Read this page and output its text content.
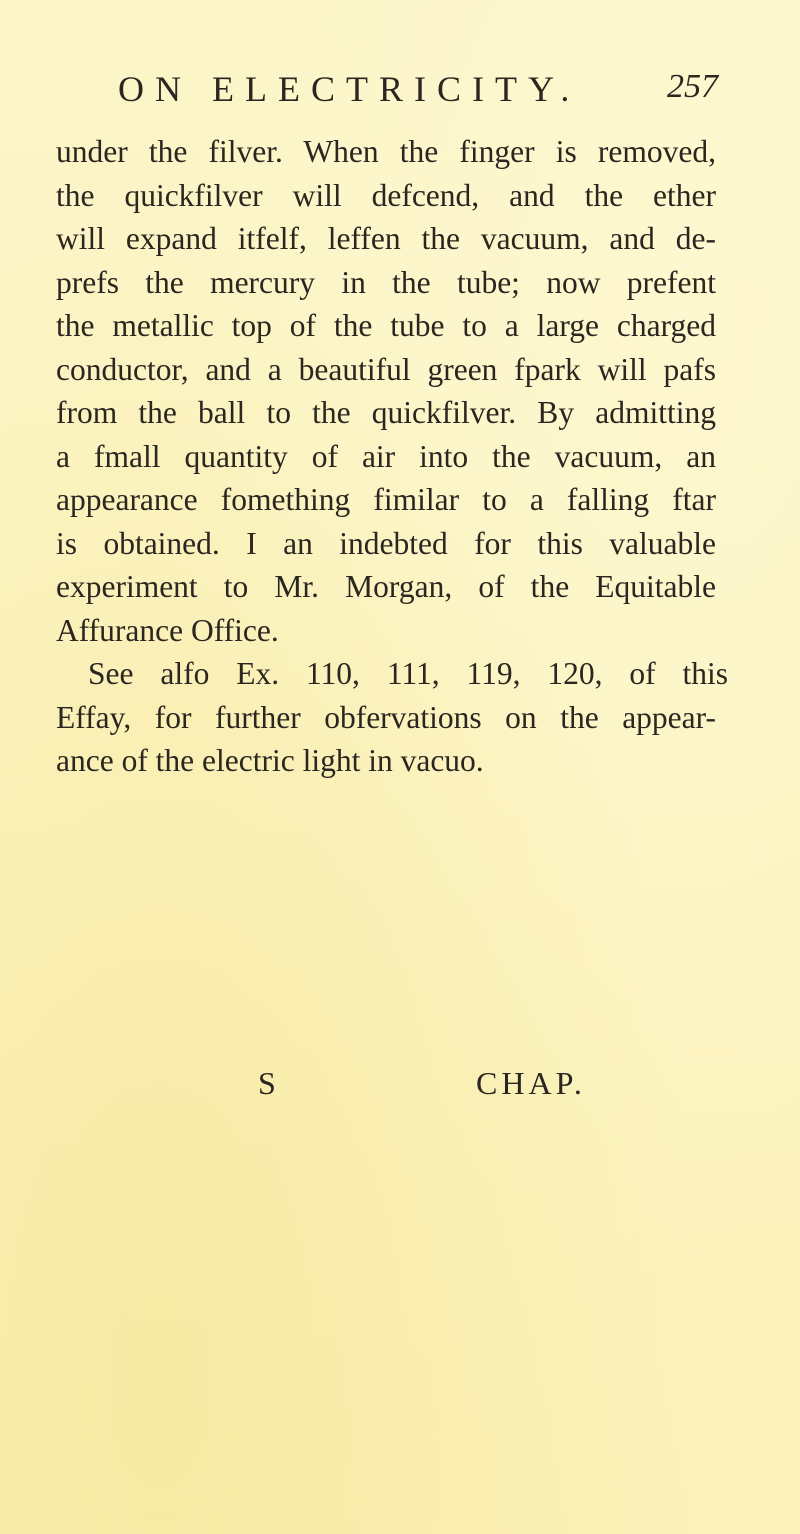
ON ELECTRICITY.	257
under the filver. When the finger is removed,
the quickfilver will defcend, and the ether
will expand itfelf, leffen the vacuum, and de-
prefs the mercury in the tube; now prefent
the metallic top of the tube to a large charged
conductor, and a beautiful green fpark will pafs
from the ball to the quickfilver. By admitting
a fmall quantity of air into the vacuum, an
appearance fomething fimilar to a falling ftar
is obtained. I an indebted for this valuable
experiment to Mr. Morgan, of the Equitable
Affurance Office.
See alfo Ex. 110, 111, 119, 120, of this
Effay, for further obfervations on the appear-
ance of the electric light in vacuo.
S	CHAP.
